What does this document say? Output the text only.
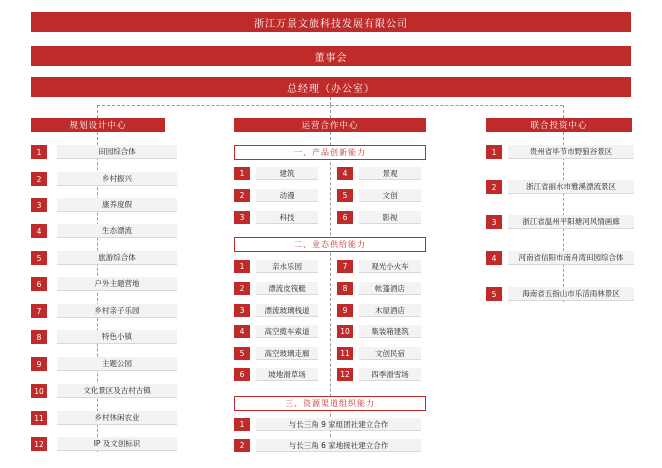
浙江万景文旅科技发展有限公司
董事会
总经理（办公室）
规划设计中心	运营合作中心	联合投资中心
1	田园综合体
2	乡村振兴
3	康养度假
4	生态漂流
5	旅游综合体
6	户外主题营地
7	乡村亲子乐园
8	特色小镇
9	主题公园
10	文化景区及古村古镇
11	乡村休闲农业
12	IP 及文创标识
一、产品创新能力
1	建筑	4	景观
2	动漫	5	文创
3	科技	6	影视
二、业态供给能力
1	亲水乐园	7	观光小火车
2	漂流皮筏艇	8	帐篷酒店
3	漂流玻璃栈道	9	木屋酒店
4	高空揽车索道	10	集装箱建筑
5	高空玻璃走廊	11	文创民宿
6	坡地滑草场	12	四季滑雪场
三、资源渠道组织能力
1	与长三角 9 家组团社建立合作
2	与长三角 6 家地接社建立合作
1	贵州省毕节市野狼谷景区
2	浙江省丽水市雅溪漂流景区
3	浙江省温州平阳塘河风情画廊
4	河南省信阳市南舟湾田园综合体
5	海南省五指山市乐活雨林景区
